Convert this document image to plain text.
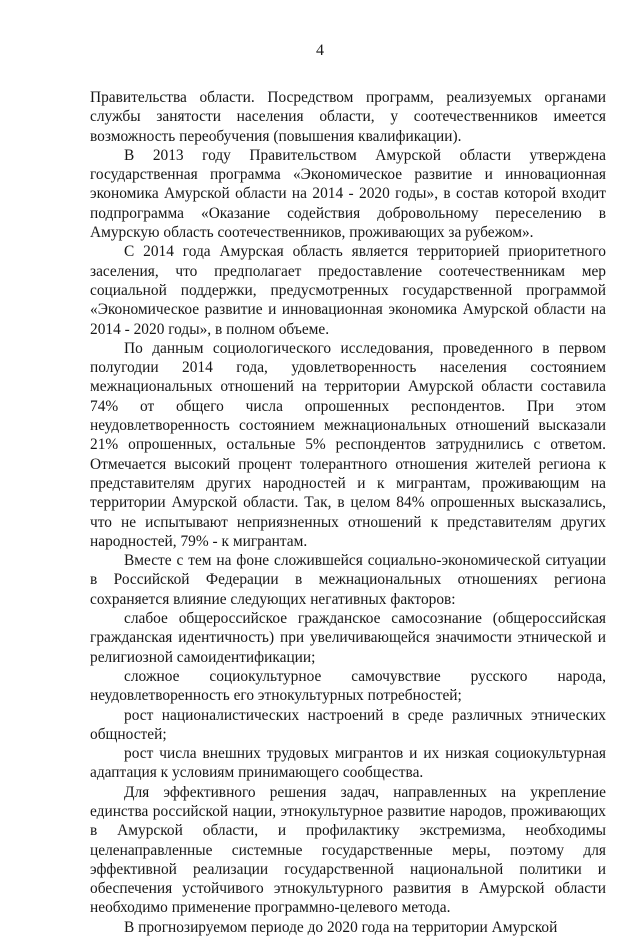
4

Правительства области. Посредством программ, реализуемых органами службы занятости населения области, у соотечественников имеется возможность переобучения (повышения квалификации).

В 2013 году Правительством Амурской области утверждена государственная программа «Экономическое развитие и инновационная экономика Амурской области на 2014 - 2020 годы», в состав которой входит подпрограмма «Оказание содействия добровольному переселению в Амурскую область соотечественников, проживающих за рубежом».

С 2014 года Амурская область является территорией приоритетного заселения, что предполагает предоставление соотечественникам мер социальной поддержки, предусмотренных государственной программой «Экономическое развитие и инновационная экономика Амурской области на 2014 - 2020 годы», в полном объеме.

По данным социологического исследования, проведенного в первом полугодии 2014 года, удовлетворенность населения состоянием межнациональных отношений на территории Амурской области составила 74% от общего числа опрошенных респондентов. При этом неудовлетворенность состоянием межнациональных отношений высказали 21% опрошенных, остальные 5% респондентов затруднились с ответом. Отмечается высокий процент толерантного отношения жителей региона к представителям других народностей и к мигрантам, проживающим на территории Амурской области. Так, в целом 84% опрошенных высказались, что не испытывают неприязненных отношений к представителям других народностей, 79% - к мигрантам.

Вместе с тем на фоне сложившейся социально-экономической ситуации в Российской Федерации в межнациональных отношениях региона сохраняется влияние следующих негативных факторов:

слабое общероссийское гражданское самосознание (общероссийская гражданская идентичность) при увеличивающейся значимости этнической и религиозной самоидентификации;

сложное социокультурное самочувствие русского народа, неудовлетворенность его этнокультурных потребностей;

рост националистических настроений в среде различных этнических общностей;

рост числа внешних трудовых мигрантов и их низкая социокультурная адаптация к условиям принимающего сообщества.

Для эффективного решения задач, направленных на укрепление единства российской нации, этнокультурное развитие народов, проживающих в Амурской области, и профилактику экстремизма, необходимы целенаправленные системные государственные меры, поэтому для эффективной реализации государственной национальной политики и обеспечения устойчивого этнокультурного развития в Амурской области необходимо применение программно-целевого метода.

В прогнозируемом периоде до 2020 года на территории Амурской
